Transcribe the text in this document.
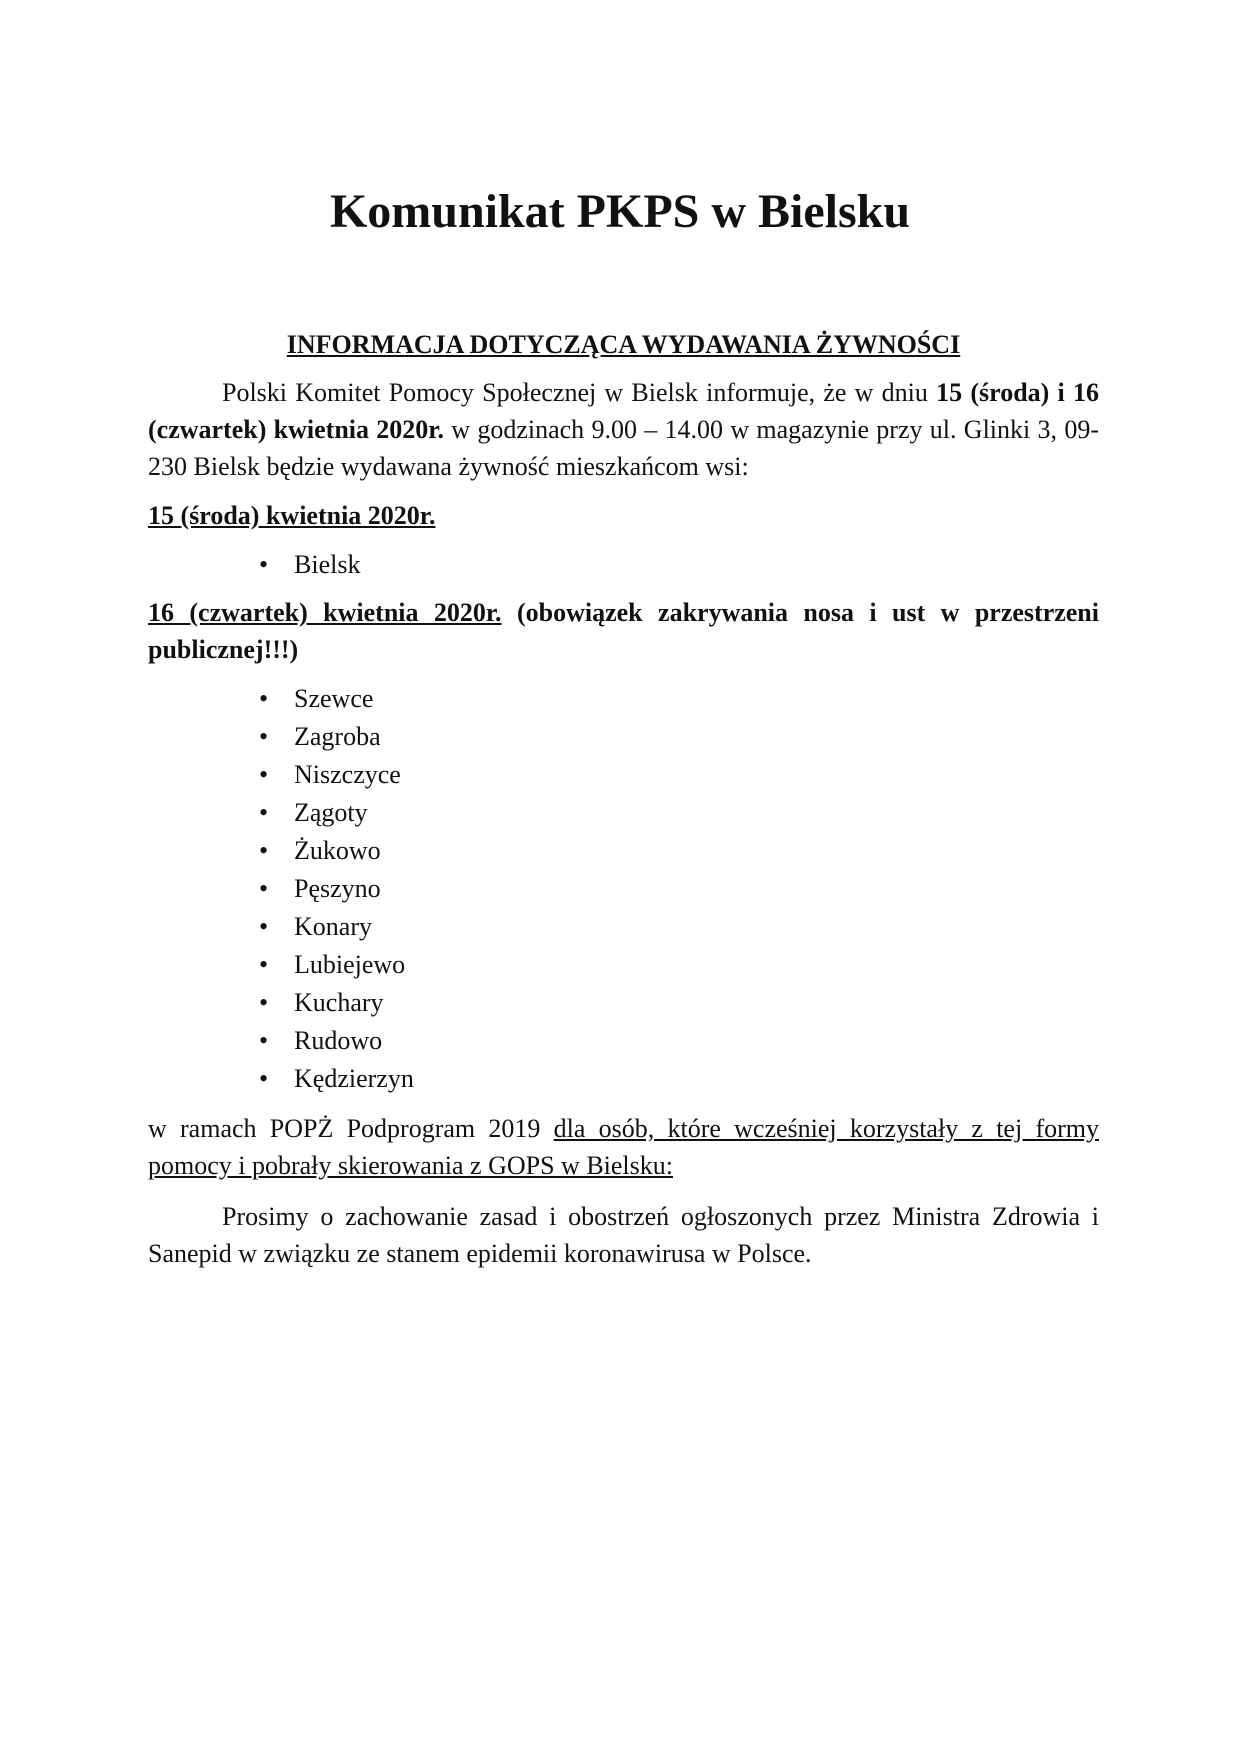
Komunikat PKPS w Bielsku

INFORMACJA DOTYCZĄCA WYDAWANIA ŻYWNOŚCI

Polski Komitet Pomocy Społecznej w Bielsk informuje, że w dniu 15 (środa) i 16 (czwartek) kwietnia 2020r. w godzinach 9.00 – 14.00 w magazynie przy ul. Glinki 3, 09-230 Bielsk będzie wydawana żywność mieszkańcom wsi:

15 (środa) kwietnia 2020r.

• Bielsk

16 (czwartek) kwietnia 2020r. (obowiązek zakrywania nosa i ust w przestrzeni publicznej!!!)

• Szewce
• Zagroba
• Niszczyce
• Zągoty
• Żukowo
• Pęszyno
• Konary
• Lubiejewo
• Kuchary
• Rudowo
• Kędzierzyn

w ramach POPŻ Podprogram 2019 dla osób, które wcześniej korzystały z tej formy pomocy i pobrały skierowania z GOPS w Bielsku:

Prosimy o zachowanie zasad i obostrzeń ogłoszonych przez Ministra Zdrowia i Sanepid w związku ze stanem epidemii koronawirusa w Polsce.
